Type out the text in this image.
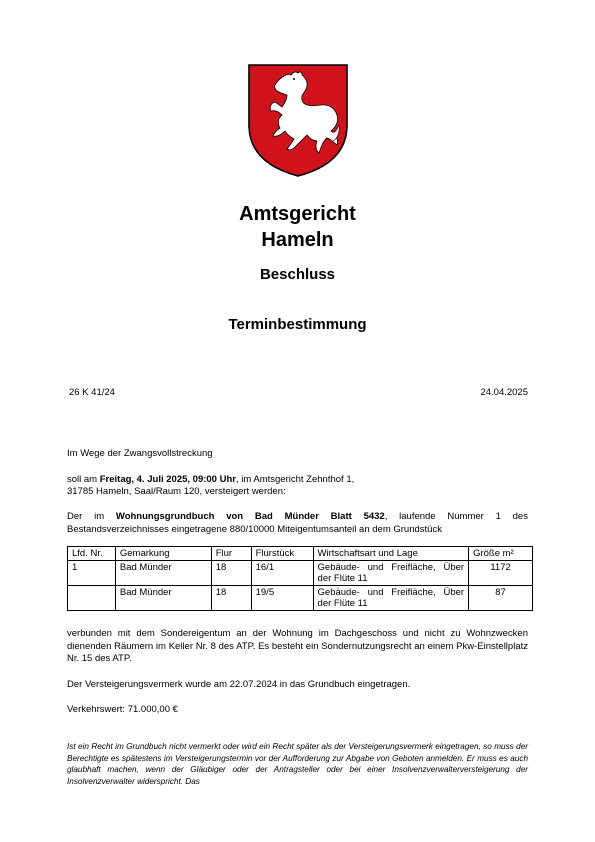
Amtsgericht
Hameln
Beschluss
Terminbestimmung
26 K 41/24	24.04.2025
Im Wege der Zwangsvollstreckung
soll am Freitag, 4. Juli 2025, 09:00 Uhr, im Amtsgericht Zehnthof 1,
31785 Hameln, Saal/Raum 120, versteigert werden:
Der im Wohnungsgrundbuch von Bad Münder Blatt 5432, laufende Nummer 1 des Bestandsverzeichnisses eingetragene 880/10000 Miteigentumsanteil an dem Grundstück
Lfd. Nr.	Gemarkung	Flur	Flurstück	Wirtschaftsart und Lage	Größe m²
1	Bad Münder	18	16/1	Gebäude- und Freifläche, Über der Flüte 11	1172
	Bad Münder	18	19/5	Gebäude- und Freifläche, Über der Flüte 11	87
verbunden mit dem Sondereigentum an der Wohnung im Dachgeschoss und nicht zu Wohnzwecken dienenden Räumern im Keller Nr. 8 des ATP. Es besteht ein Sondernutzungsrecht an einem Pkw-Einstellplatz Nr. 15 des ATP.
Der Versteigerungsvermerk wurde am 22.07.2024 in das Grundbuch eingetragen.
Verkehrswert: 71.000,00 €
Ist ein Recht im Grundbuch nicht vermerkt oder wird ein Recht später als der Versteigerungsvermerk eingetragen, so muss der Berechtigte es spätestens im Versteigerungstermin vor der Aufforderung zur Abgabe von Geboten anmelden. Er muss es auch glaubhaft machen, wenn der Gläubiger oder der Antragsteller oder bei einer Insolvenzverwalterversteigerung der Insolvenzverwalter widerspricht. Das
